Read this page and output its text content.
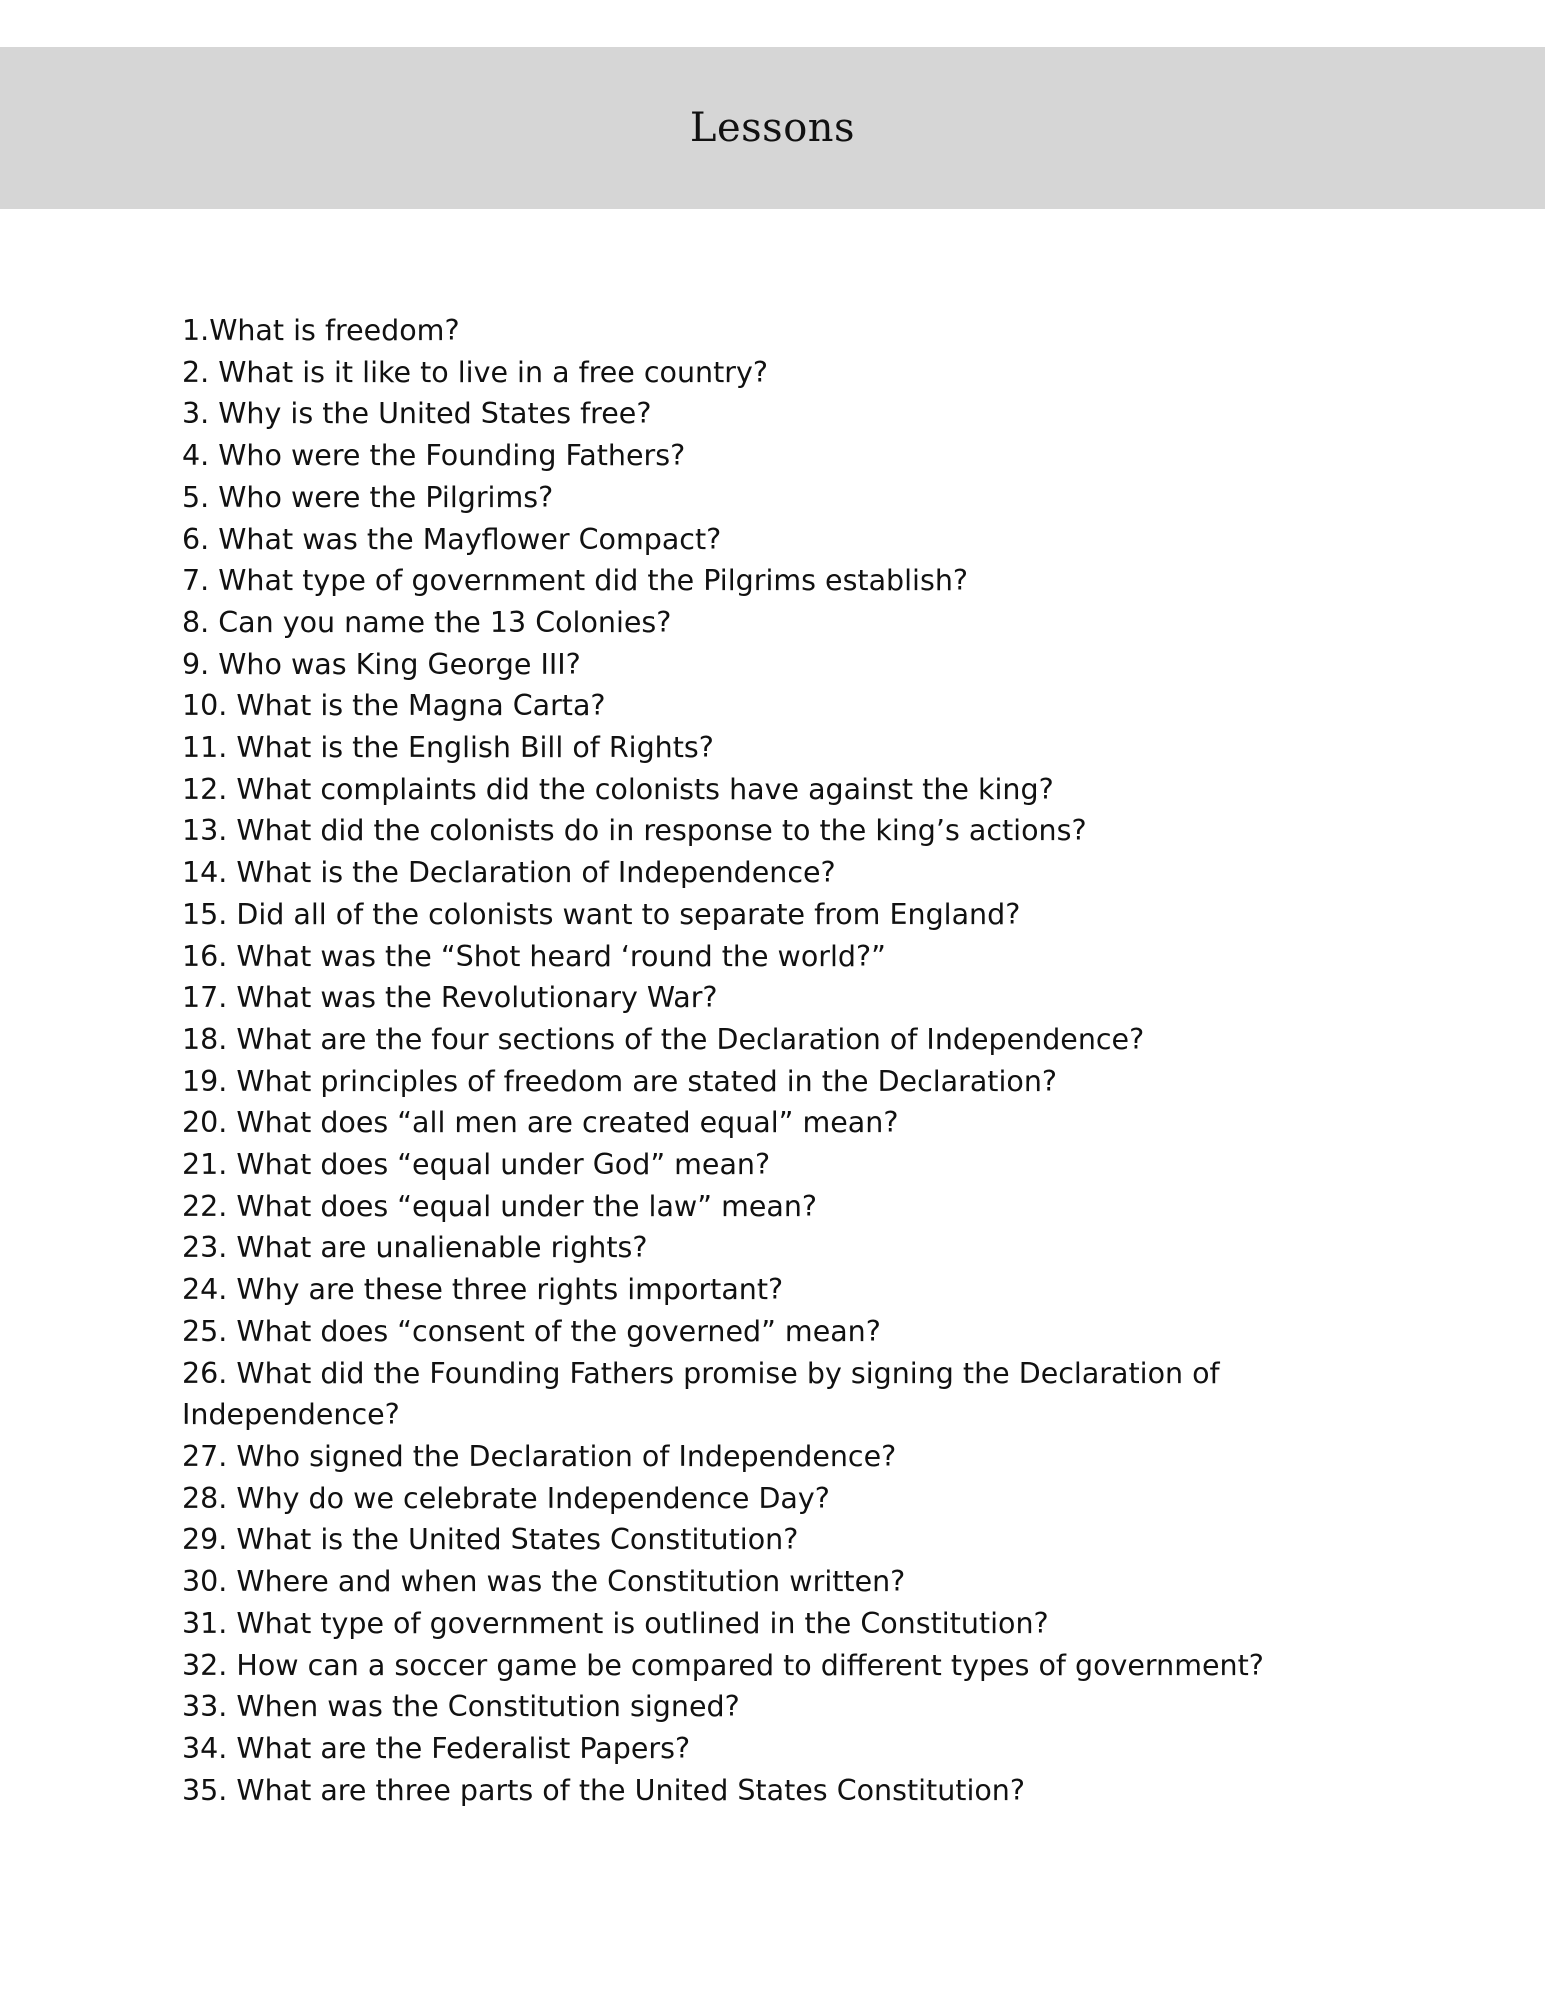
Lessons
1.What is freedom?
2. What is it like to live in a free country?
3. Why is the United States free?
4. Who were the Founding Fathers?
5. Who were the Pilgrims?
6. What was the Mayflower Compact?
7. What type of government did the Pilgrims establish?
8. Can you name the 13 Colonies?
9. Who was King George III?
10. What is the Magna Carta?
11. What is the English Bill of Rights?
12. What complaints did the colonists have against the king?
13. What did the colonists do in response to the king’s actions?
14. What is the Declaration of Independence?
15. Did all of the colonists want to separate from England?
16. What was the “Shot heard ‘round the world?”
17. What was the Revolutionary War?
18. What are the four sections of the Declaration of Independence?
19. What principles of freedom are stated in the Declaration?
20. What does “all men are created equal” mean?
21. What does “equal under God” mean?
22. What does “equal under the law” mean?
23. What are unalienable rights?
24. Why are these three rights important?
25. What does “consent of the governed” mean?
26. What did the Founding Fathers promise by signing the Declaration of Independence?
27. Who signed the Declaration of Independence?
28. Why do we celebrate Independence Day?
29. What is the United States Constitution?
30. Where and when was the Constitution written?
31. What type of government is outlined in the Constitution?
32. How can a soccer game be compared to different types of government?
33. When was the Constitution signed?
34. What are the Federalist Papers?
35. What are three parts of the United States Constitution?
